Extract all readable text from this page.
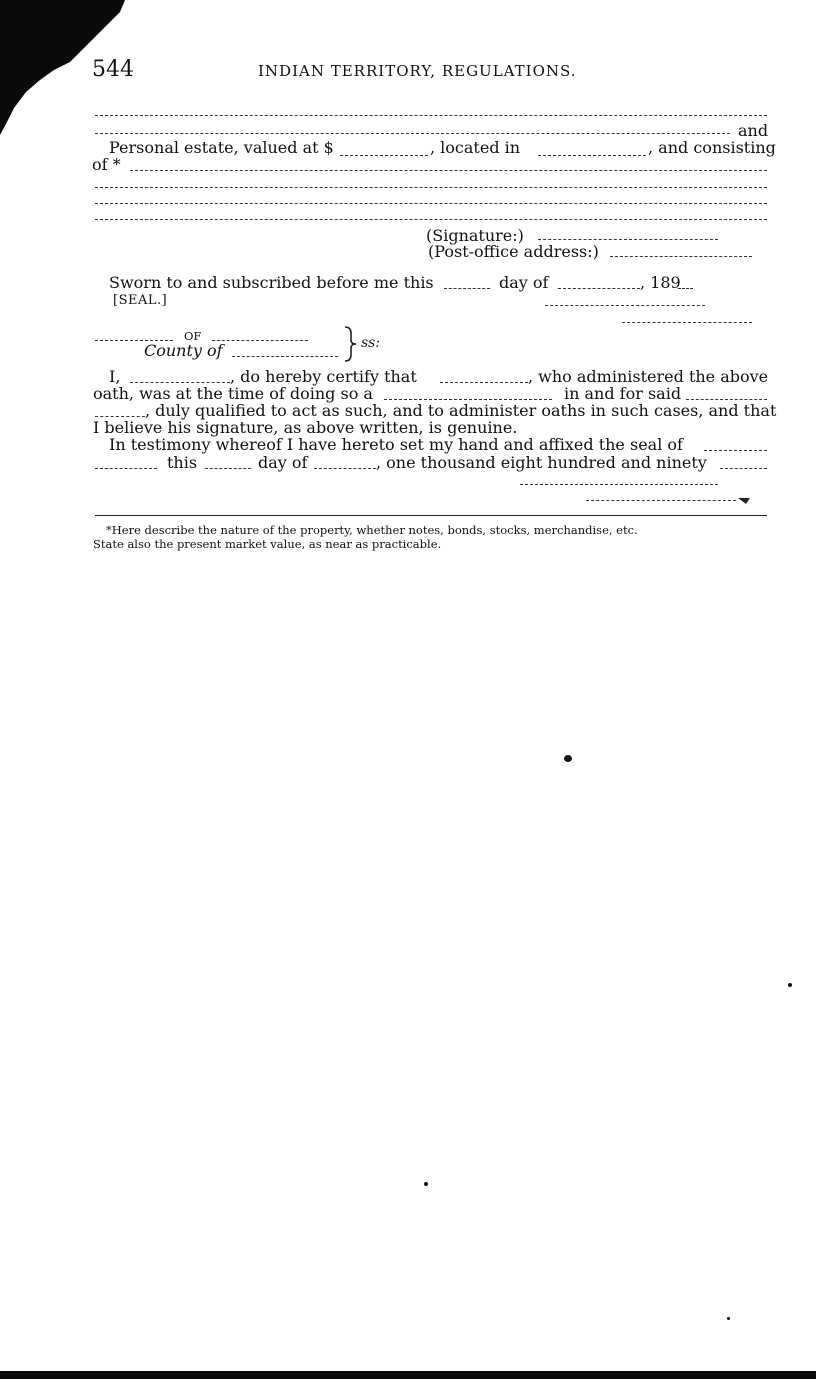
544	INDIAN TERRITORY, REGULATIONS.
and
Personal estate, valued at $	, located in	, and consisting
of *
(Signature:)
(Post-office address:)
Sworn to and subscribed before me this	day of	, 189
[SEAL.]
OF
County of	ss:
I,	, do hereby certify that	, who administered the above
oath, was at the time of doing so a	in and for said
, duly qualified to act as such, and to administer oaths in such cases, and that
I believe his signature, as above written, is genuine.
In testimony whereof I have hereto set my hand and affixed the seal of
this	day of	, one thousand eight hundred and ninety
*Here describe the nature of the property, whether notes, bonds, stocks, merchandise, etc.
State also the present market value, as near as practicable.
